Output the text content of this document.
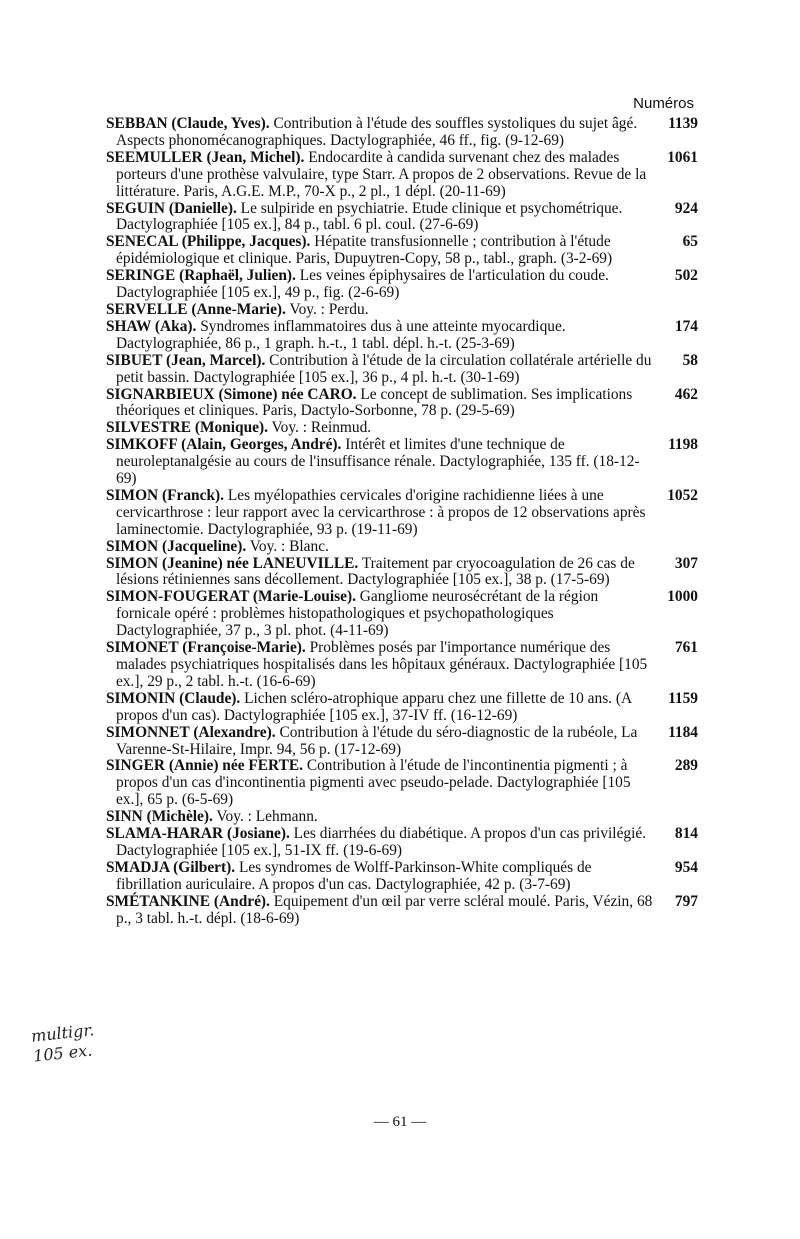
Numéros
SEBBAN (Claude, Yves). Contribution à l'étude des souffles systoliques du sujet âgé. Aspects phonomécanographiques. Dactylographiée, 46 ff., fig. (9-12-69)
1139
SEEMULLER (Jean, Michel). Endocardite à candida survenant chez des malades porteurs d'une prothèse valvulaire, type Starr. A propos de 2 observations. Revue de la littérature. Paris, A.G.E. M.P., 70-X p., 2 pl., 1 dépl. (20-11-69)
1061
SEGUIN (Danielle). Le sulpiride en psychiatrie. Etude clinique et psychométrique. Dactylographiée [105 ex.], 84 p., tabl. 6 pl. coul. (27-6-69)
924
SENECAL (Philippe, Jacques). Hépatite transfusionnelle ; contribution à l'étude épidémiologique et clinique. Paris, Dupuytren-Copy, 58 p., tabl., graph. (3-2-69)
65
SERINGE (Raphaël, Julien). Les veines épiphysaires de l'articulation du coude. Dactylographiée [105 ex.], 49 p., fig. (2-6-69)
502
SERVELLE (Anne-Marie). Voy. : Perdu.
SHAW (Aka). Syndromes inflammatoires dus à une atteinte myocardique. Dactylographiée, 86 p., 1 graph. h.-t., 1 tabl. dépl. h.-t. (25-3-69)
174
SIBUET (Jean, Marcel). Contribution à l'étude de la circulation collatérale artérielle du petit bassin. Dactylographiée [105 ex.], 36 p., 4 pl. h.-t. (30-1-69)
58
SIGNARBIEUX (Simone) née CARO. Le concept de sublimation. Ses implications théoriques et cliniques. Paris, Dactylo-Sorbonne, 78 p. (29-5-69)
462
SILVESTRE (Monique). Voy. : Reinmud.
SIMKOFF (Alain, Georges, André). Intérêt et limites d'une technique de neuroleptanalgésie au cours de l'insuffisance rénale. Dactylographiée, 135 ff. (18-12-69)
1198
SIMON (Franck). Les myélopathies cervicales d'origine rachidienne liées à une cervicarthrose : leur rapport avec la cervicarthrose : à propos de 12 observations après laminectomie. Dactylographiée, 93 p. (19-11-69)
1052
SIMON (Jacqueline). Voy. : Blanc.
SIMON (Jeanine) née LANEUVILLE. Traitement par cryocoagulation de 26 cas de lésions rétiniennes sans décollement. Dactylographiée [105 ex.], 38 p. (17-5-69)
307
SIMON-FOUGERAT (Marie-Louise). Gangliome neurosécrétant de la région fornicale opéré : problèmes histopathologiques et psychopathologiques Dactylographiée, 37 p., 3 pl. phot. (4-11-69)
1000
SIMONET (Françoise-Marie). Problèmes posés par l'importance numérique des malades psychiatriques hospitalisés dans les hôpitaux généraux. Dactylographiée [105 ex.], 29 p., 2 tabl. h.-t. (16-6-69)
761
SIMONIN (Claude). Lichen scléro-atrophique apparu chez une fillette de 10 ans. (A propos d'un cas). Dactylographiée [105 ex.], 37-IV ff. (16-12-69)
1159
SIMONNET (Alexandre). Contribution à l'étude du séro-diagnostic de la rubéole, La Varenne-St-Hilaire, Impr. 94, 56 p. (17-12-69)
1184
SINGER (Annie) née FERTE. Contribution à l'étude de l'incontinentia pigmenti ; à propos d'un cas d'incontinentia pigmenti avec pseudo-pelade. Dactylographiée [105 ex.], 65 p. (6-5-69)
289
SINN (Michèle). Voy. : Lehmann.
SLAMA-HARAR (Josiane). Les diarrhées du diabétique. A propos d'un cas privilégié. Dactylographiée [105 ex.], 51-IX ff. (19-6-69)
814
SMADJA (Gilbert). Les syndromes de Wolff-Parkinson-White compliqués de fibrillation auriculaire. A propos d'un cas. Dactylographiée, 42 p. (3-7-69)
954
SMÉTANKINE (André). Equipement d'un œil par verre scléral moulé. Paris, Vézin, 68 p., 3 tabl. h.-t. dépl. (18-6-69)
797
multigr.
105 ex.
— 61 —
